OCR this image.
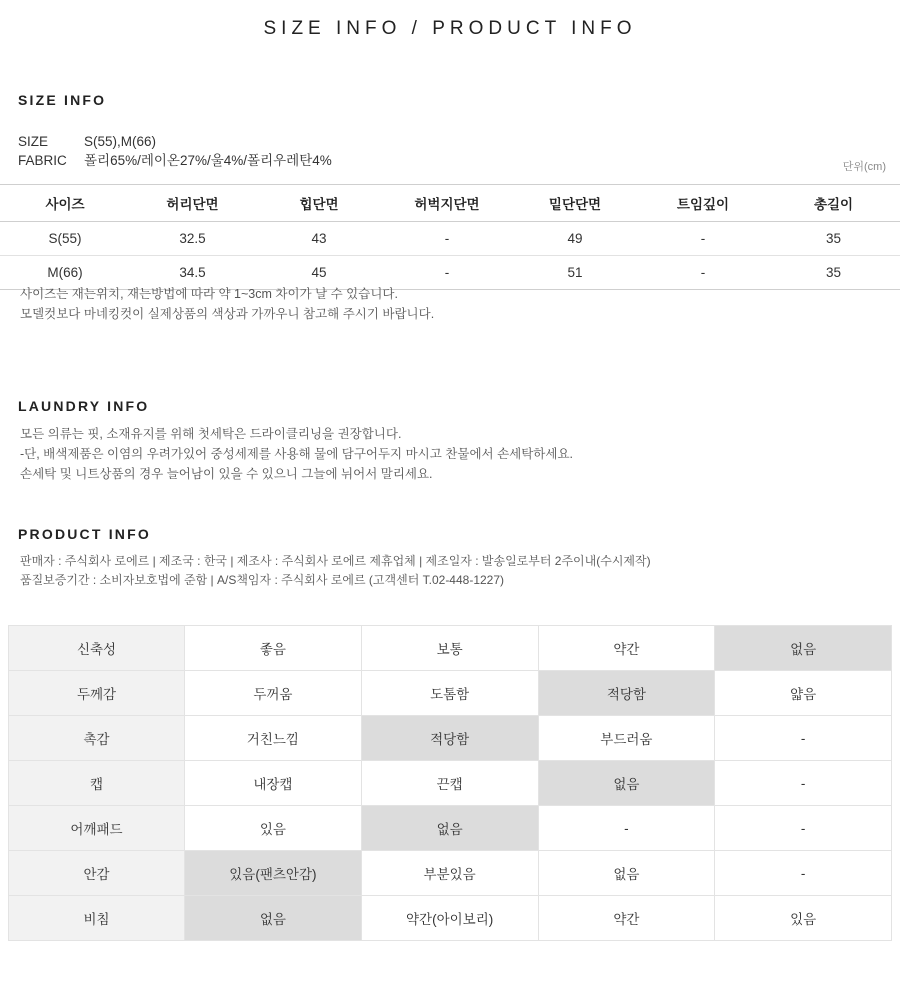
SIZE INFO / PRODUCT INFO
SIZE INFO
SIZE	S(55),M(66)
FABRIC	폴리65%/레이온27%/울4%/폴리우레탄4%	단위(cm)
사이즈	허리단면	힙단면	허벅지단면	밑단단면	트임깊이	총길이
S(55)	32.5	43	-	49	-	35
M(66)	34.5	45	-	51	-	35
사이즈는 재는위치, 재는방법에 따라 약 1~3cm 차이가 날 수 있습니다.
모델컷보다 마네킹컷이 실제상품의 색상과 가까우니 참고해 주시기 바랍니다.
LAUNDRY INFO
모든 의류는 핏, 소재유지를 위해 첫세탁은 드라이클리닝을 권장합니다.
-단, 배색제품은 이염의 우려가있어 중성세제를 사용해 물에 담구어두지 마시고 찬물에서 손세탁하세요.
손세탁 및 니트상품의 경우 늘어남이 있을 수 있으니 그늘에 뉘어서 말리세요.
PRODUCT INFO
판매자 : 주식회사 로에르 | 제조국 : 한국 | 제조사 : 주식회사 로에르 제휴업체 | 제조일자 : 발송일로부터 2주이내(수시제작)
품질보증기간 : 소비자보호법에 준함 | A/S책임자 : 주식회사 로에르 (고객센터 T.02-448-1227)
신축성	좋음	보통	약간	없음
두께감	두꺼움	도톰함	적당함	얇음
촉감	거친느낌	적당함	부드러움	-
캡	내장캡	끈캡	없음	-
어깨패드	있음	없음	-	-
안감	있음(팬츠안감)	부분있음	없음	-
비침	없음	약간(아이보리)	약간	있음
